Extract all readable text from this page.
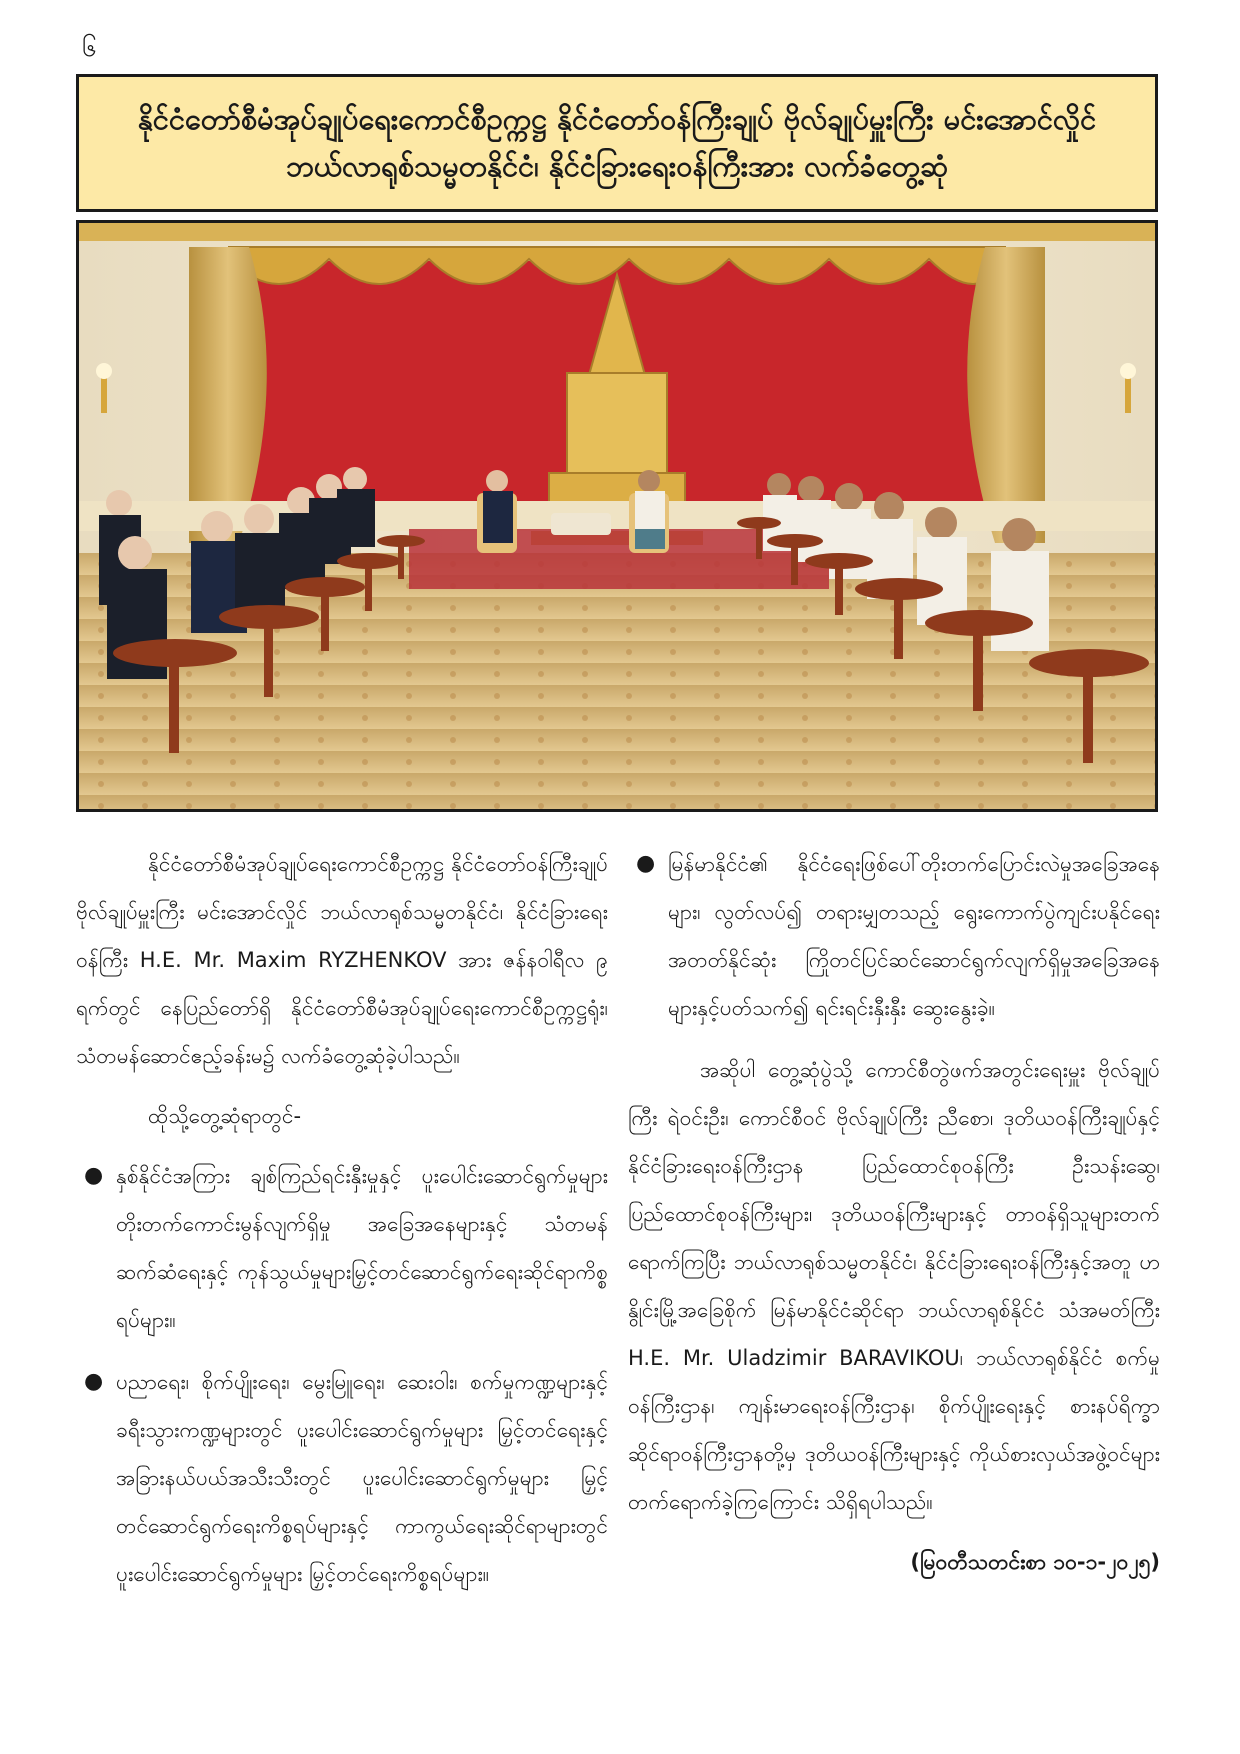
၆
နိုင်ငံတော်စီမံအုပ်ချုပ်ရေးကောင်စီဥက္ကဋ္ဌ နိုင်ငံတော်ဝန်ကြီးချုပ် ဗိုလ်ချုပ်မှူးကြီး မင်းအောင်လှိုင်
ဘယ်လာရုစ်သမ္မတနိုင်ငံ၊ နိုင်ငံခြားရေးဝန်ကြီးအား လက်ခံတွေ့ဆုံ

နိုင်ငံတော်စီမံအုပ်ချုပ်ရေးကောင်စီဥက္ကဋ္ဌ နိုင်ငံတော်ဝန်ကြီးချုပ် ဗိုလ်ချုပ်မှူးကြီး မင်းအောင်လှိုင် ဘယ်လာရုစ်သမ္မတနိုင်ငံ၊ နိုင်ငံခြားရေးဝန်ကြီး H.E. Mr. Maxim RYZHENKOV အား ဇန်နဝါရီလ ၉ ရက်တွင် နေပြည်တော်ရှိ နိုင်ငံတော်စီမံအုပ်ချုပ်ရေးကောင်စီဥက္ကဋ္ဌရုံး၊ သံတမန်ဆောင်ဧည့်ခန်းမ၌ လက်ခံတွေ့ဆုံခဲ့ပါသည်။

ထိုသို့တွေ့ဆုံရာတွင်-

● နှစ်နိုင်ငံအကြား ချစ်ကြည်ရင်းနှီးမှုနှင့် ပူးပေါင်းဆောင်ရွက်မှုများတိုးတက်ကောင်းမွန်လျက်ရှိမှု အခြေအနေများနှင့် သံတမန်ဆက်ဆံရေးနှင့် ကုန်သွယ်မှုများမြှင့်တင်ဆောင်ရွက်ရေးဆိုင်ရာကိစ္စရပ်များ။
● ပညာရေး၊ စိုက်ပျိုးရေး၊ မွေးမြူရေး၊ ဆေးဝါး၊ စက်မှုကဏ္ဍများနှင့် ခရီးသွားကဏ္ဍများတွင် ပူးပေါင်းဆောင်ရွက်မှုများ မြှင့်တင်ရေးနှင့် အခြားနယ်ပယ်အသီးသီးတွင် ပူးပေါင်းဆောင်ရွက်မှုများ မြှင့်တင်ဆောင်ရွက်ရေးကိစ္စရပ်များနှင့် ကာကွယ်ရေးဆိုင်ရာများတွင် ပူးပေါင်းဆောင်ရွက်မှုများ မြှင့်တင်ရေးကိစ္စရပ်များ။
● မြန်မာနိုင်ငံ၏ နိုင်ငံရေးဖြစ်ပေါ်တိုးတက်ပြောင်းလဲမှုအခြေအနေများ၊ လွတ်လပ်၍ တရားမျှတသည့် ရွေးကောက်ပွဲကျင်းပနိုင်ရေး အတတ်နိုင်ဆုံး ကြိုတင်ပြင်ဆင်ဆောင်ရွက်လျက်ရှိမှုအခြေအနေများနှင့်ပတ်သက်၍ ရင်းရင်းနှီးနှီး ဆွေးနွေးခဲ့။

အဆိုပါ တွေ့ဆုံပွဲသို့ ကောင်စီတွဲဖက်အတွင်းရေးမှူး ဗိုလ်ချုပ်ကြီး ရဲဝင်းဦး၊ ကောင်စီဝင် ဗိုလ်ချုပ်ကြီး ညီစော၊ ဒုတိယဝန်ကြီးချုပ်နှင့် နိုင်ငံခြားရေးဝန်ကြီးဌာန ပြည်ထောင်စုဝန်ကြီး ဦးသန်းဆွေ၊ ပြည်ထောင်စုဝန်ကြီးများ၊ ဒုတိယဝန်ကြီးများနှင့် တာဝန်ရှိသူများတက်ရောက်ကြပြီး ဘယ်လာရုစ်သမ္မတနိုင်ငံ၊ နိုင်ငံခြားရေးဝန်ကြီးနှင့်အတူ ဟနွိုင်းမြို့အခြေစိုက် မြန်မာနိုင်ငံဆိုင်ရာ ဘယ်လာရုစ်နိုင်ငံ သံအမတ်ကြီး H.E. Mr. Uladzimir BARAVIKOU၊ ဘယ်လာရုစ်နိုင်ငံ စက်မှုဝန်ကြီးဌာန၊ ကျန်းမာရေးဝန်ကြီးဌာန၊ စိုက်ပျိုးရေးနှင့် စားနပ်ရိက္ခာဆိုင်ရာဝန်ကြီးဌာနတို့မှ ဒုတိယဝန်ကြီးများနှင့် ကိုယ်စားလှယ်အဖွဲ့ဝင်များ တက်ရောက်ခဲ့ကြကြောင်း သိရှိရပါသည်။

(မြဝတီသတင်းစာ ၁၀-၁-၂၀၂၅)
